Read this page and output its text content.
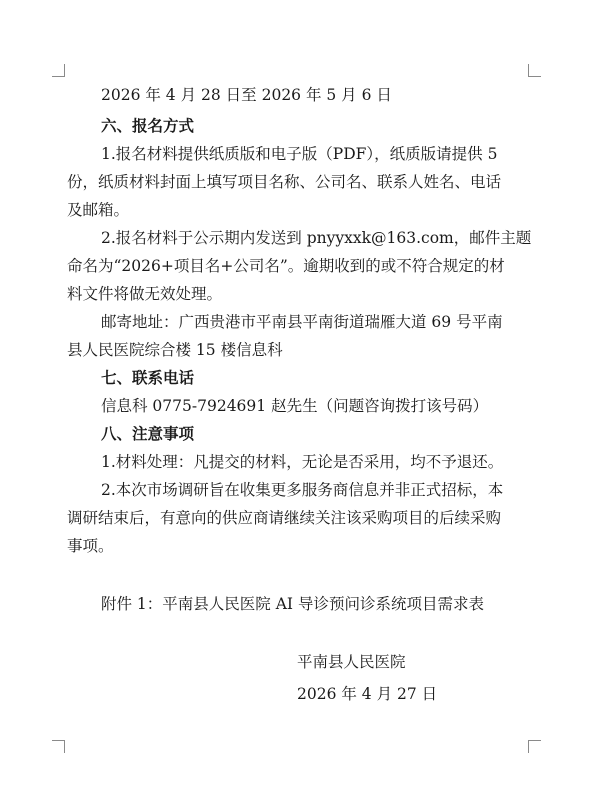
2026 年 4 月 28 日至 2026 年 5 月 6 日
六、报名方式
1.报名材料提供纸质版和电子版（PDF），纸质版请提供 5
份，纸质材料封面上填写项目名称、公司名、联系人姓名、电话
及邮箱。
2.报名材料于公示期内发送到 pnyyxxk@163.com，邮件主题
命名为“2026+项目名+公司名”。逾期收到的或不符合规定的材
料文件将做无效处理。
邮寄地址：广西贵港市平南县平南街道瑞雁大道 69 号平南
县人民医院综合楼 15 楼信息科
七、联系电话
信息科 0775-7924691 赵先生（问题咨询拨打该号码）
八、注意事项
1.材料处理：凡提交的材料，无论是否采用，均不予退还。
2.本次市场调研旨在收集更多服务商信息并非正式招标，本
调研结束后，有意向的供应商请继续关注该采购项目的后续采购
事项。
附件 1：平南县人民医院 AI 导诊预问诊系统项目需求表
平南县人民医院
2026 年 4 月 27 日
